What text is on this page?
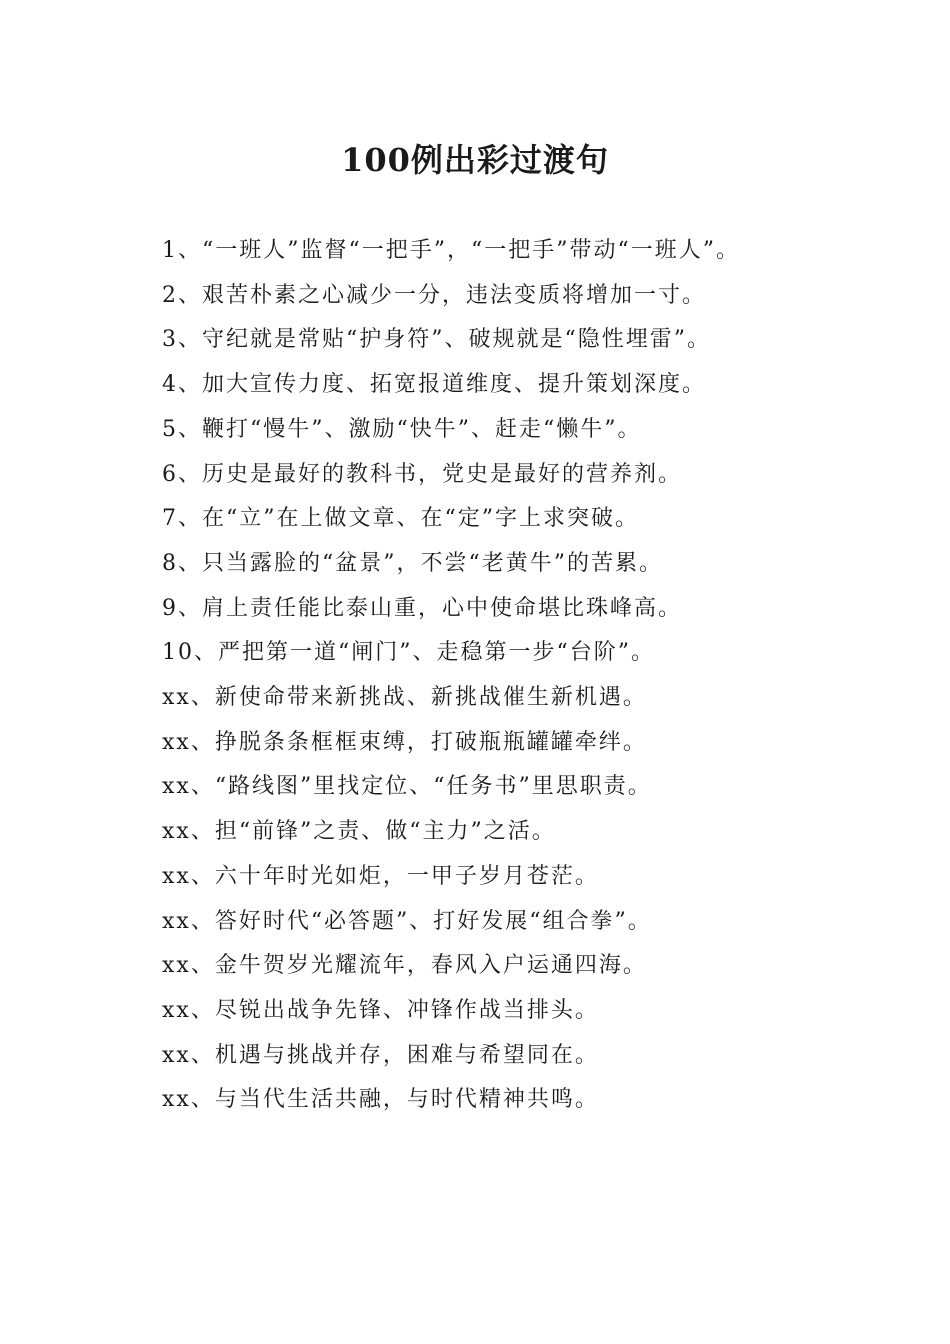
100例出彩过渡句
1、“一班人”监督“一把手”，“一把手”带动“一班人”。
2、艰苦朴素之心减少一分，违法变质将增加一寸。
3、守纪就是常贴“护身符”、破规就是“隐性埋雷”。
4、加大宣传力度、拓宽报道维度、提升策划深度。
5、鞭打“慢牛”、激励“快牛”、赶走“懒牛”。
6、历史是最好的教科书，党史是最好的营养剂。
7、在“立”在上做文章、在“定”字上求突破。
8、只当露脸的“盆景”，不尝“老黄牛”的苦累。
9、肩上责任能比泰山重，心中使命堪比珠峰高。
10、严把第一道“闸门”、走稳第一步“台阶”。
xx、新使命带来新挑战、新挑战催生新机遇。
xx、挣脱条条框框束缚，打破瓶瓶罐罐牵绊。
xx、“路线图”里找定位、“任务书”里思职责。
xx、担“前锋”之责、做“主力”之活。
xx、六十年时光如炬，一甲子岁月苍茫。
xx、答好时代“必答题”、打好发展“组合拳”。
xx、金牛贺岁光耀流年，春风入户运通四海。
xx、尽锐出战争先锋、冲锋作战当排头。
xx、机遇与挑战并存，困难与希望同在。
xx、与当代生活共融，与时代精神共鸣。
